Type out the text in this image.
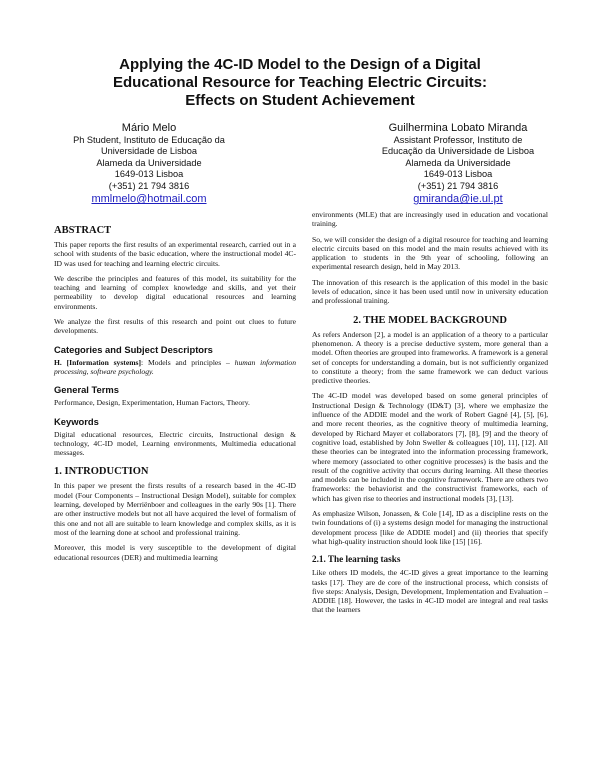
Applying the 4C-ID Model to the Design of a Digital
Educational Resource for Teaching Electric Circuits:
Effects on Student Achievement
Mário Melo
Ph Student, Instituto de Educação da
Universidade de Lisboa
Alameda da Universidade
1649-013 Lisboa
(+351) 21 794 3816
mmlmelo@hotmail.com
Guilhermina Lobato Miranda
Assistant Professor, Instituto de
Educação da Universidade de Lisboa
Alameda da Universidade
1649-013 Lisboa
(+351) 21 794 3816
gmiranda@ie.ul.pt
ABSTRACT

This paper reports the first results of an experimental research, carried out in a school with students of the basic education, where the instructional model 4C-ID was used for teaching and learning electric circuits.

We describe the principles and features of this model, its suitability for the teaching and learning of complex knowledge and skills, and yet their permeability to develop digital educational resources and learning environments.

We analyze the first results of this research and point out clues to future developments.

Categories and Subject Descriptors

H. [Information systems]: Models and principles – human information processing, software psychology.

General Terms

Performance, Design, Experimentation, Human Factors, Theory.

Keywords

Digital educational resources, Electric circuits, Instructional design & technology, 4C-ID model, Learning environments, Multimedia educational messages.

1. INTRODUCTION

In this paper we present the firsts results of a research based in the 4C-ID model (Four Components – Instructional Design Model), suitable for complex learning, developed by Merriënboer and colleagues in the early 90s [1]. There are other instructive models but not all have acquired the level of formalism of this one and not all are suitable to learn knowledge and complex skills, as it is most of the learning done at school and professional training.

Moreover, this model is very susceptible to the development of digital educational resources (DER) and multimedia learning

environments (MLE) that are increasingly used in education and vocational training.

So, we will consider the design of a digital resource for teaching and learning electric circuits based on this model and the main results achieved with its application to students in the 9th year of schooling, following an experimental research design, held in May 2013.

The innovation of this research is the application of this model in the basic levels of education, since it has been used until now in university education and professional training.

2. THE MODEL BACKGROUND

As refers Anderson [2], a model is an application of a theory to a particular phenomenon. A theory is a precise deductive system, more general than a model. Often theories are grouped into frameworks. A framework is a general set of concepts for understanding a domain, but is not sufficiently organized to constitute a theory; from the same framework we can deduct various predictive theories.

The 4C-ID model was developed based on some general principles of Instructional Design & Technology (ID&T) [3], where we emphasize the influence of the ADDIE model and the work of Robert Gagné [4], [5], [6], and more recent theories, as the cognitive theory of multimedia learning, developed by Richard Mayer et collaborators [7], [8], [9] and the theory of cognitive load, established by John Sweller & colleagues [10], 11], [12]. All these theories can be integrated into the information processing framework, where memory (associated to other cognitive processes) is the basis and the result of the cognitive activity that occurs during learning. All these theories and models can be included in the cognitive framework. There are others two frameworks: the behaviorist and the constructivist frameworks, each of which has given rise to theories and instructional models [3], [13].

As emphasize Wilson, Jonassen, & Cole [14], ID as a discipline rests on the twin foundations of (i) a systems design model for managing the instructional development process [like de ADDIE model] and (ii) theories that specify what high-quality instruction should look like [15] [16].

2.1. The learning tasks

Like others ID models, the 4C-ID gives a great importance to the learning tasks [17]. They are de core of the instructional process, which consists of five steps: Analysis, Design, Development, Implementation and Evaluation – ADDIE [18]. However, the tasks in 4C-ID model are integral and real tasks that the learners
